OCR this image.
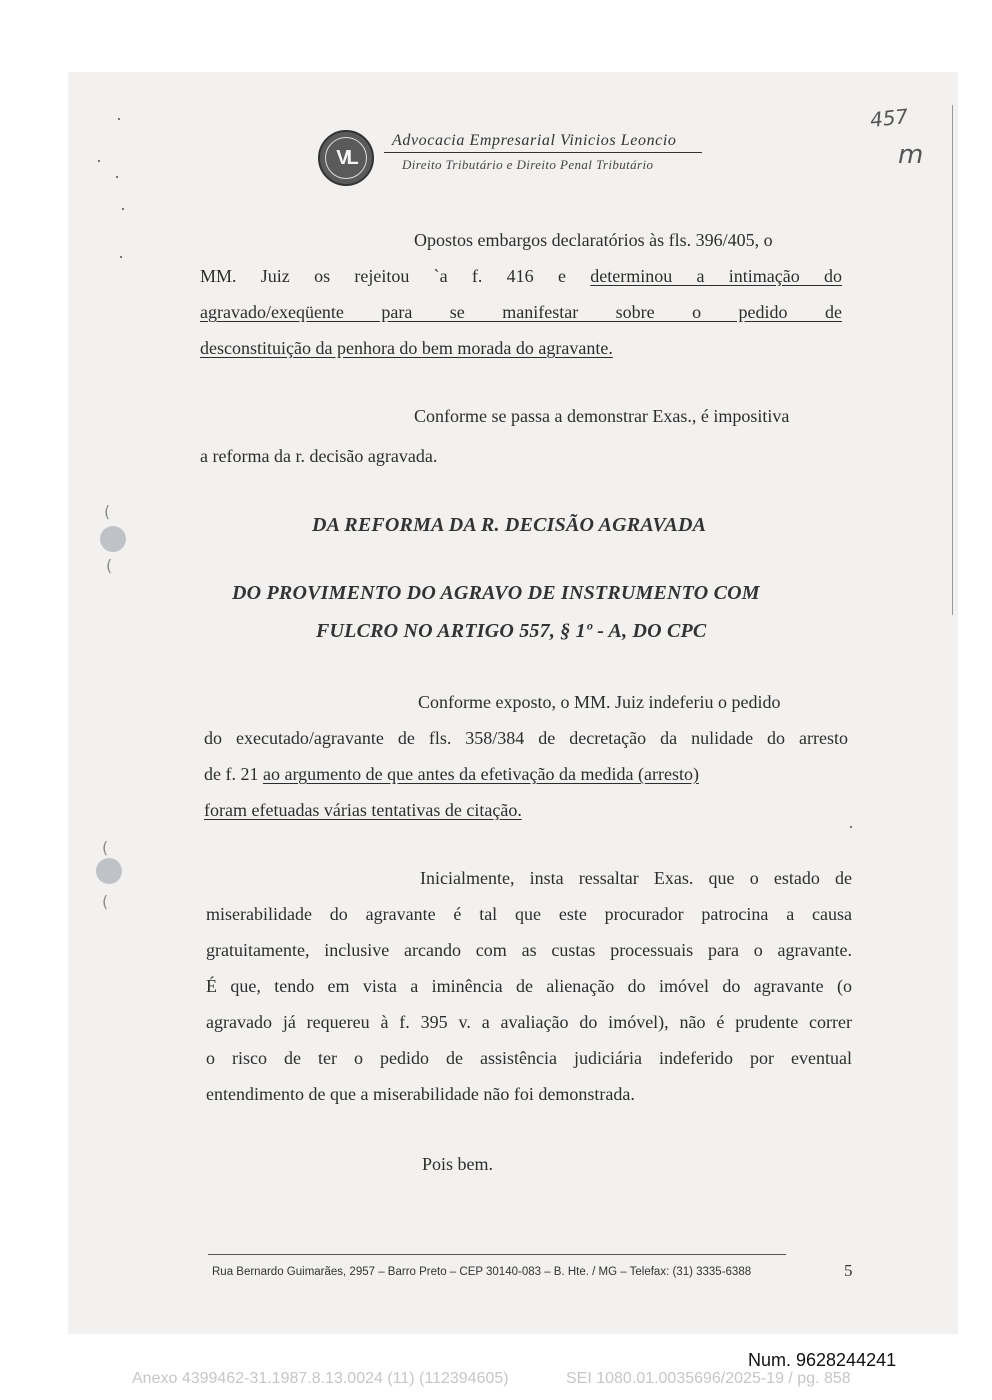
(
(
(
(
VL
Advocacia Empresarial Vinicios Leoncio
Direito Tributário e Direito Penal Tributário
457
m
Opostos embargos declaratórios às fls. 396/405, o
MM. Juiz os rejeitou `a f. 416 e determinou a intimação do
agravado/exeqüente para se manifestar sobre o pedido de
desconstituição da penhora do bem morada do agravante.
Conforme se passa a demonstrar Exas., é impositiva
a reforma da r. decisão agravada.
DA REFORMA DA R. DECISÃO AGRAVADA
DO PROVIMENTO DO AGRAVO DE INSTRUMENTO COM
FULCRO NO ARTIGO 557, § 1º - A, DO CPC
Conforme exposto, o MM. Juiz indeferiu o pedido
do executado/agravante de fls. 358/384 de decretação da nulidade do arresto
de f. 21 ao argumento de que antes da efetivação da medida (arresto)
foram efetuadas várias tentativas de citação.
Inicialmente, insta ressaltar Exas. que o estado de
miserabilidade do agravante é tal que este procurador patrocina a causa
gratuitamente, inclusive arcando com as custas processuais para o agravante.
É que, tendo em vista a iminência de alienação do imóvel do agravante (o
agravado já requereu à f. 395 v. a avaliação do imóvel), não é prudente correr
o risco de ter o pedido de assistência judiciária indeferido por eventual
entendimento de que a miserabilidade não foi demonstrada.
Pois bem.
Rua Bernardo Guimarães, 2957 – Barro Preto – CEP 30140-083 – B. Hte. / MG – Telefax: (31) 3335-6388	5
Num. 9628244241
Anexo 4399462-31.1987.8.13.0024 (11) (112394605)	SEI 1080.01.0035696/2025-19 / pg. 858
